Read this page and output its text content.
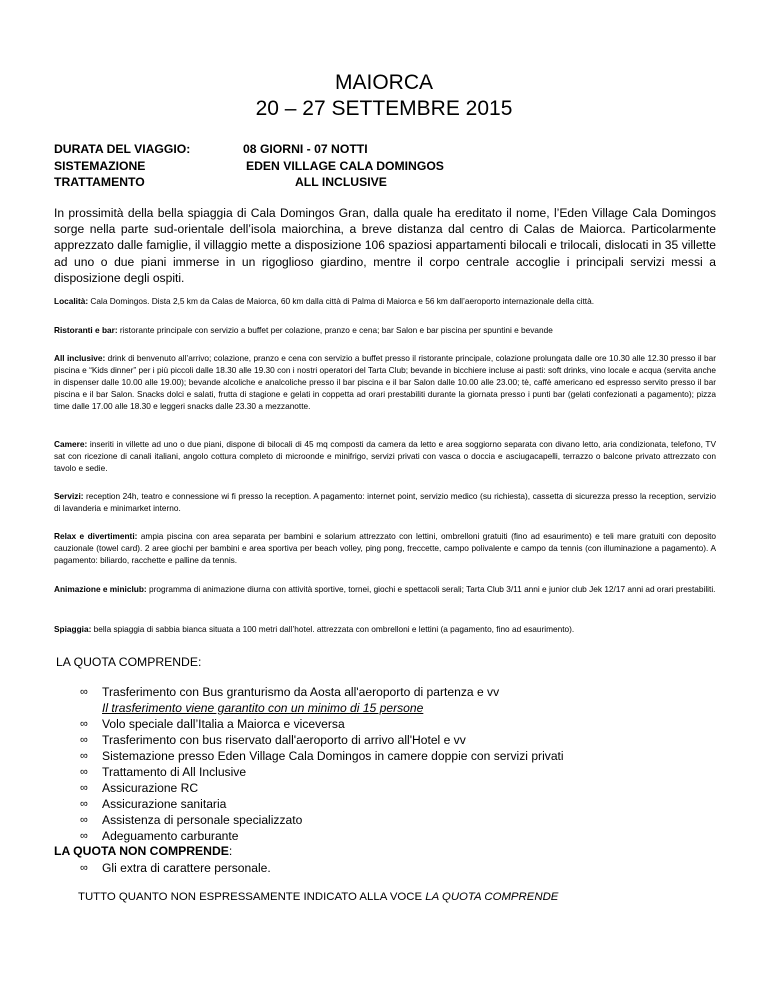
MAIORCA
20 – 27 SETTEMBRE 2015
DURATA DEL VIAGGIO:	08 GIORNI - 07 NOTTI
SISTEMAZIONE	EDEN VILLAGE CALA DOMINGOS
TRATTAMENTO	ALL INCLUSIVE
In prossimità della bella spiaggia di Cala Domingos Gran, dalla quale ha ereditato il nome, l’Eden Village Cala Domingos sorge nella parte sud-orientale dell’isola maiorchina, a breve distanza dal centro di Calas de Maiorca. Particolarmente apprezzato dalle famiglie, il villaggio mette a disposizione 106 spaziosi appartamenti bilocali e trilocali, dislocati in 35 villette ad uno o due piani immerse in un rigoglioso giardino, mentre il corpo centrale accoglie i principali servizi messi a disposizione degli ospiti.
Località: Cala Domingos. Dista 2,5 km da Calas de Maiorca, 60 km dalla città di Palma di Maiorca e 56 km dall’aeroporto internazionale della città.
Ristoranti e bar: ristorante principale con servizio a buffet per colazione, pranzo e cena; bar Salon e bar piscina per spuntini e bevande
All inclusive: drink di benvenuto all’arrivo; colazione, pranzo e cena con servizio a buffet presso il ristorante principale, colazione prolungata dalle ore 10.30 alle 12.30 presso il bar piscina e “Kids dinner” per i più piccoli dalle 18.30 alle 19.30 con i nostri operatori del Tarta Club; bevande in bicchiere incluse ai pasti: soft drinks, vino locale e acqua (servita anche in dispenser dalle 10.00 alle 19.00); bevande alcoliche e analcoliche presso il bar piscina e il bar Salon dalle 10.00 alle 23.00; tè, caffè americano ed espresso servito presso il bar piscina e il bar Salon. Snacks dolci e salati, frutta di stagione e gelati in coppetta ad orari prestabiliti durante la giornata presso i punti bar (gelati confezionati a pagamento); pizza time dalle 17.00 alle 18.30 e leggeri snacks dalle 23.30 a mezzanotte.
Camere: inseriti in villette ad uno o due piani, dispone di bilocali di 45 mq composti da camera da letto e area soggiorno separata con divano letto, aria condizionata, telefono, TV sat con ricezione di canali italiani, angolo cottura completo di microonde e minifrigo, servizi privati con vasca o doccia e asciugacapelli, terrazzo o balcone privato attrezzato con tavolo e sedie.
Servizi: reception 24h, teatro e connessione wi fi presso la reception. A pagamento: internet point, servizio medico (su richiesta), cassetta di sicurezza presso la reception, servizio di lavanderia e minimarket interno.
Relax e divertimenti: ampia piscina con area separata per bambini e solarium attrezzato con lettini, ombrelloni gratuiti (fino ad esaurimento) e teli mare gratuiti con deposito cauzionale (towel card). 2 aree giochi per bambini e area sportiva per beach volley, ping pong, freccette, campo polivalente e campo da tennis (con illuminazione a pagamento). A pagamento: biliardo, racchette e palline da tennis.
Animazione e miniclub: programma di animazione diurna con attività sportive, tornei, giochi e spettacoli serali; Tarta Club 3/11 anni e junior club Jek 12/17 anni ad orari prestabiliti.
Spiaggia: bella spiaggia di sabbia bianca situata a 100 metri dall’hotel. attrezzata con ombrelloni e lettini (a pagamento, fino ad esaurimento).
LA QUOTA COMPRENDE:
∞ Trasferimento con Bus granturismo da Aosta all'aeroporto di partenza e vv
Il trasferimento viene garantito con un minimo di 15 persone
∞ Volo speciale dall’Italia a Maiorca e viceversa
∞ Trasferimento con bus riservato dall'aeroporto di arrivo all'Hotel e vv
∞ Sistemazione presso Eden Village Cala Domingos in camere doppie con servizi privati
∞ Trattamento di All Inclusive
∞ Assicurazione RC
∞ Assicurazione sanitaria
∞ Assistenza di personale specializzato
∞ Adeguamento carburante
LA QUOTA NON COMPRENDE:
∞ Gli extra di carattere personale.
TUTTO QUANTO NON ESPRESSAMENTE INDICATO ALLA VOCE LA QUOTA COMPRENDE
